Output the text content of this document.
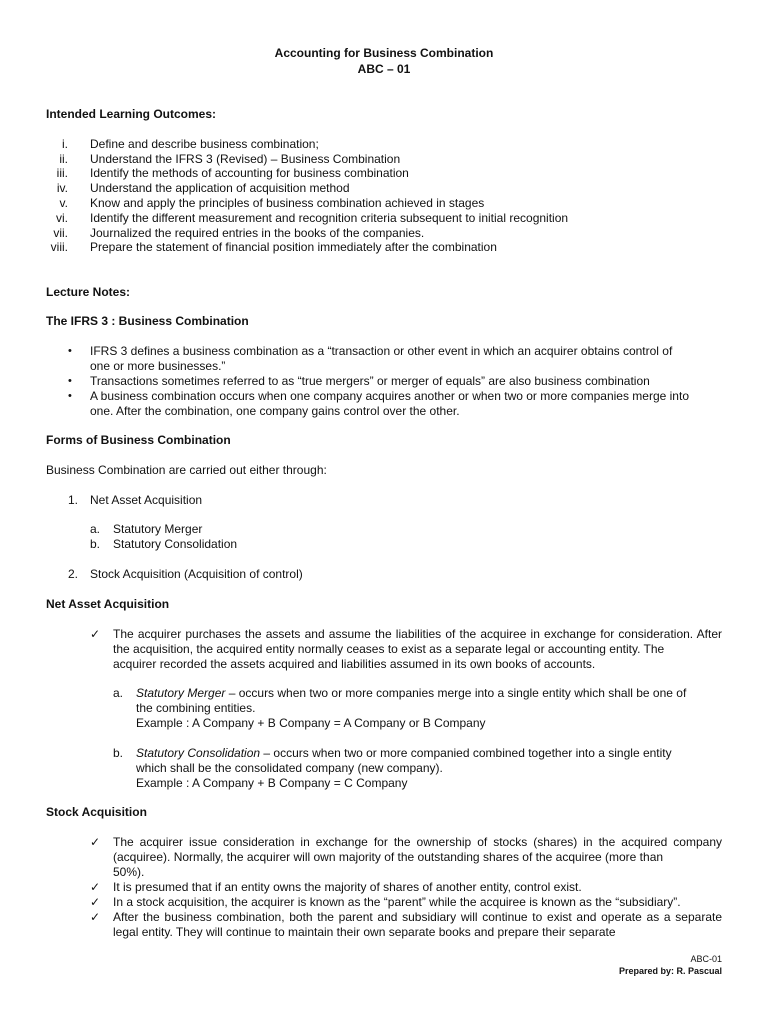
Accounting for Business Combination
ABC – 01
Intended Learning Outcomes:
i. Define and describe business combination;
ii. Understand the IFRS 3 (Revised) – Business Combination
iii. Identify the methods of accounting for business combination
iv. Understand the application of acquisition method
v. Know and apply the principles of business combination achieved in stages
vi. Identify the different measurement and recognition criteria subsequent to initial recognition
vii. Journalized the required entries in the books of the companies.
viii. Prepare the statement of financial position immediately after the combination
Lecture Notes:
The IFRS 3 : Business Combination
• IFRS 3 defines a business combination as a “transaction or other event in which an acquirer obtains control of
one or more businesses.”
• Transactions sometimes referred to as “true mergers” or merger of equals” are also business combination
• A business combination occurs when one company acquires another or when two or more companies merge into
one. After the combination, one company gains control over the other.
Forms of Business Combination
Business Combination are carried out either through:
1. Net Asset Acquisition
a. Statutory Merger
b. Statutory Consolidation
2. Stock Acquisition (Acquisition of control)
Net Asset Acquisition
✓ The acquirer purchases the assets and assume the liabilities of the acquiree in exchange for consideration. After the acquisition, the acquired entity normally ceases to exist as a separate legal or accounting entity. The
acquirer recorded the assets acquired and liabilities assumed in its own books of accounts.
a. Statutory Merger – occurs when two or more companies merge into a single entity which shall be one of
the combining entities.
Example : A Company + B Company = A Company or B Company
b. Statutory Consolidation – occurs when two or more companied combined together into a single entity
which shall be the consolidated company (new company).
Example : A Company + B Company = C Company
Stock Acquisition
✓ The acquirer issue consideration in exchange for the ownership of stocks (shares) in the acquired company (acquiree). Normally, the acquirer will own majority of the outstanding shares of the acquiree (more than
50%).
✓ It is presumed that if an entity owns the majority of shares of another entity, control exist.
✓ In a stock acquisition, the acquirer is known as the “parent” while the acquiree is known as the “subsidiary”.
✓ After the business combination, both the parent and subsidiary will continue to exist and operate as a separate legal entity. They will continue to maintain their own separate books and prepare their separate
ABC-01
Prepared by: R. Pascual
